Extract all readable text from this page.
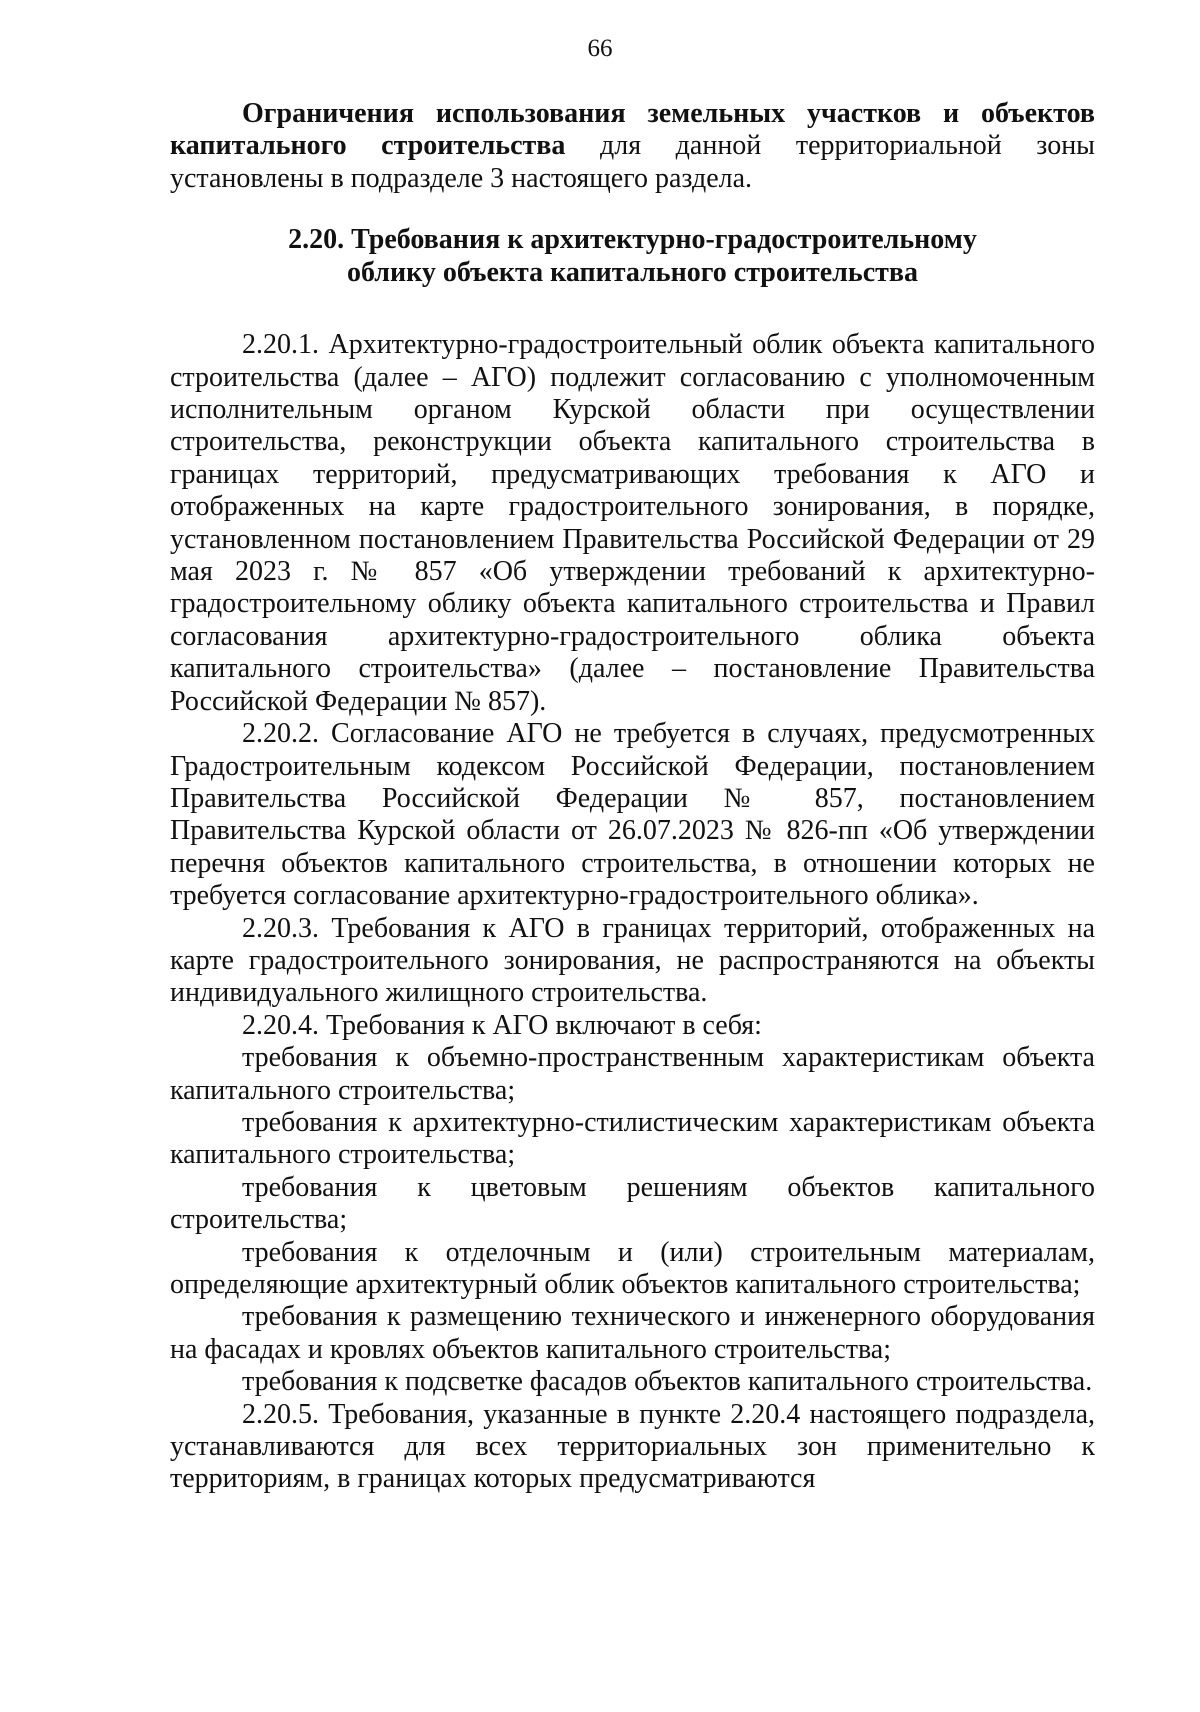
66

Ограничения использования земельных участков и объектов капитального строительства для данной территориальной зоны установлены в подразделе 3 настоящего раздела.

2.20. Требования к архитектурно-градостроительному
облику объекта капитального строительства

2.20.1. Архитектурно-градостроительный облик объекта капитального строительства (далее – АГО) подлежит согласованию с уполномоченным исполнительным органом Курской области при осуществлении строительства, реконструкции объекта капитального строительства в границах территорий, предусматривающих требования к АГО и отображенных на карте градостроительного зонирования, в порядке, установленном постановлением Правительства Российской Федерации от 29 мая 2023 г. № 857 «Об утверждении требований к архитектурно-градостроительному облику объекта капитального строительства и Правил согласования архитектурно-градостроительного облика объекта капитального строительства» (далее – постановление Правительства Российской Федерации № 857).

2.20.2. Согласование АГО не требуется в случаях, предусмотренных Градостроительным кодексом Российской Федерации, постановлением Правительства Российской Федерации № 857, постановлением Правительства Курской области от 26.07.2023 № 826-пп «Об утверждении перечня объектов капитального строительства, в отношении которых не требуется согласование архитектурно-градостроительного облика».

2.20.3. Требования к АГО в границах территорий, отображенных на карте градостроительного зонирования, не распространяются на объекты индивидуального жилищного строительства.

2.20.4. Требования к АГО включают в себя:

требования к объемно-пространственным характеристикам объекта капитального строительства;

требования к архитектурно-стилистическим характеристикам объекта капитального строительства;

требования к цветовым решениям объектов капитального строительства;

требования к отделочным и (или) строительным материалам, определяющие архитектурный облик объектов капитального строительства;

требования к размещению технического и инженерного оборудования на фасадах и кровлях объектов капитального строительства;

требования к подсветке фасадов объектов капитального строительства.

2.20.5. Требования, указанные в пункте 2.20.4 настоящего подраздела, устанавливаются для всех территориальных зон применительно к территориям, в границах которых предусматриваются
